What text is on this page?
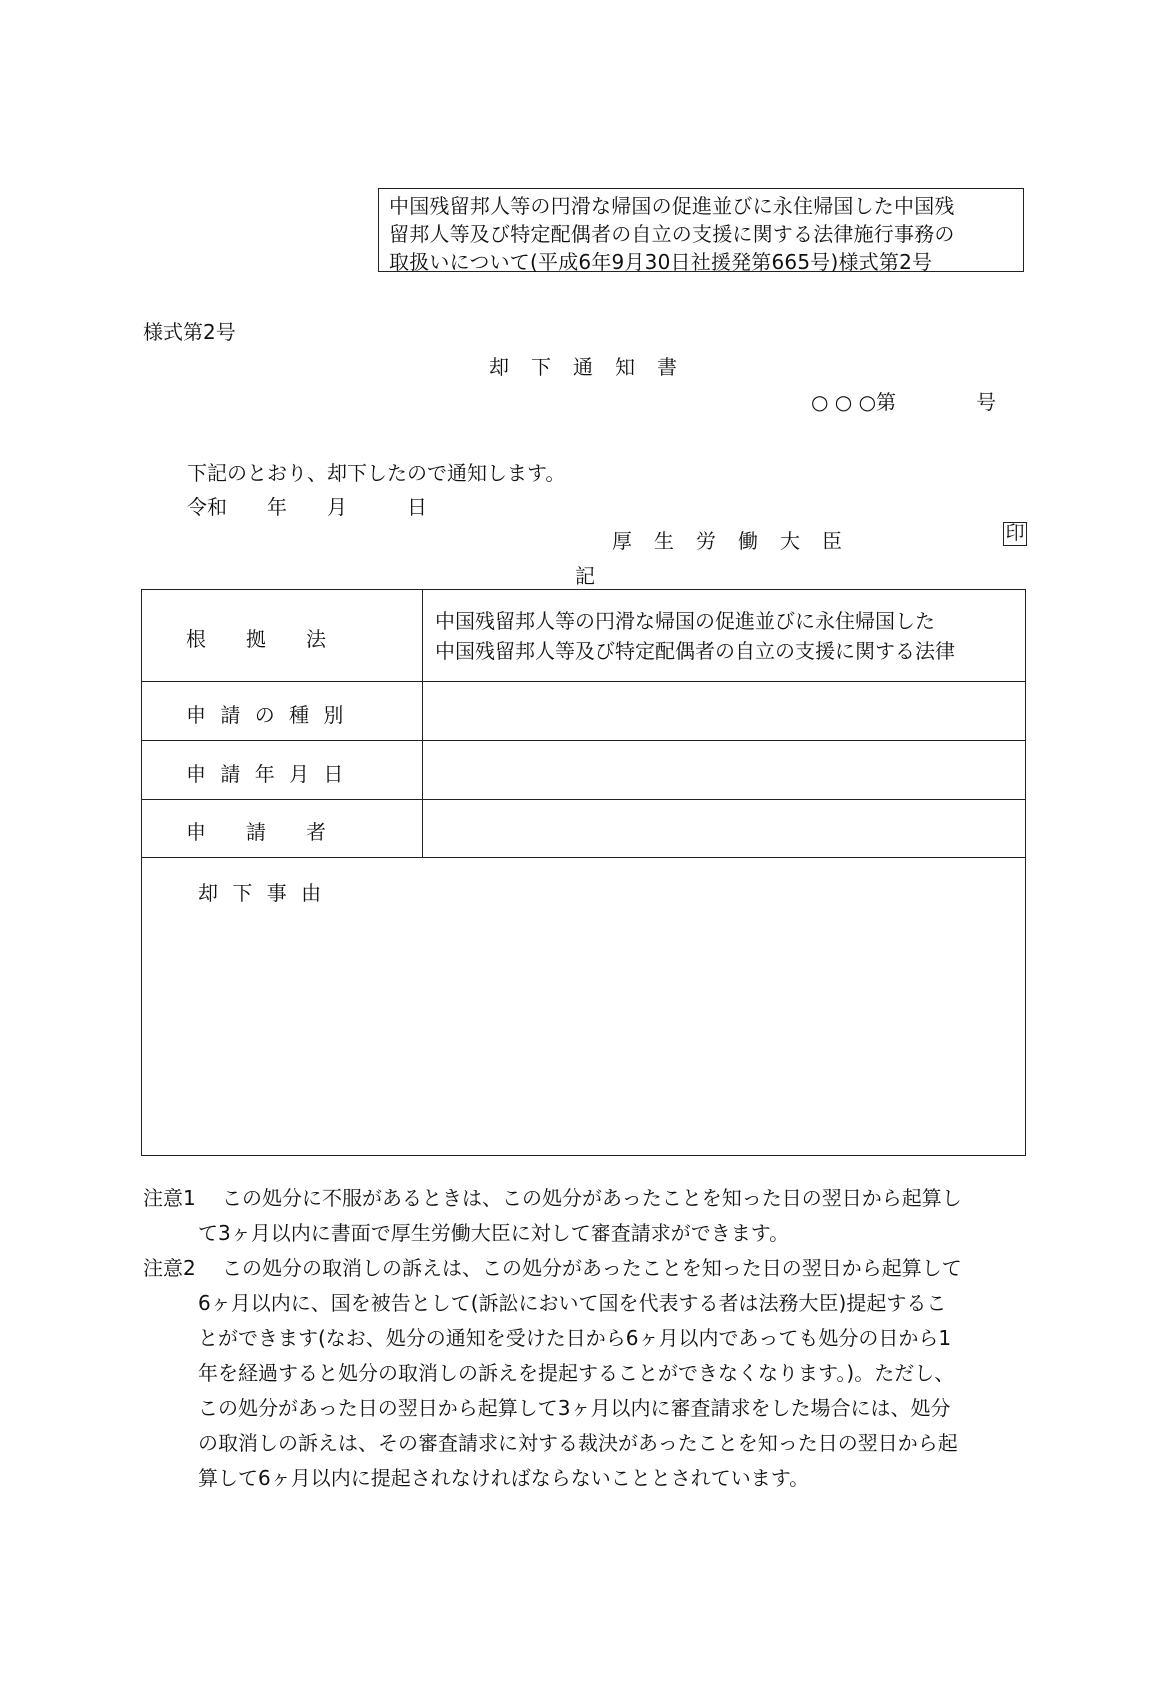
中国残留邦人等の円滑な帰国の促進並びに永住帰国した中国残
留邦人等及び特定配偶者の自立の支援に関する法律施行事務の
取扱いについて(平成6年9月30日社援発第665号)様式第2号
様式第2号
却下通知書
○ ○ ○第　　　　号
下記のとおり、却下したので通知します。
令和　　年　　月　　　日
厚生労働大臣	印
記
根　　拠　　法
中国残留邦人等の円滑な帰国の促進並びに永住帰国した
中国残留邦人等及び特定配偶者の自立の支援に関する法律
申 請 の 種 別
申 請 年 月 日
申　　請　　者
却 下 事 由
注意1 この処分に不服があるときは、この処分があったことを知った日の翌日から起算し
て3ヶ月以内に書面で厚生労働大臣に対して審査請求ができます。
注意2 この処分の取消しの訴えは、この処分があったことを知った日の翌日から起算して
6ヶ月以内に、国を被告として(訴訟において国を代表する者は法務大臣)提起するこ
とができます(なお、処分の通知を受けた日から6ヶ月以内であっても処分の日から1
年を経過すると処分の取消しの訴えを提起することができなくなります。)。ただし、
この処分があった日の翌日から起算して3ヶ月以内に審査請求をした場合には、処分
の取消しの訴えは、その審査請求に対する裁決があったことを知った日の翌日から起
算して6ヶ月以内に提起されなければならないこととされています。
